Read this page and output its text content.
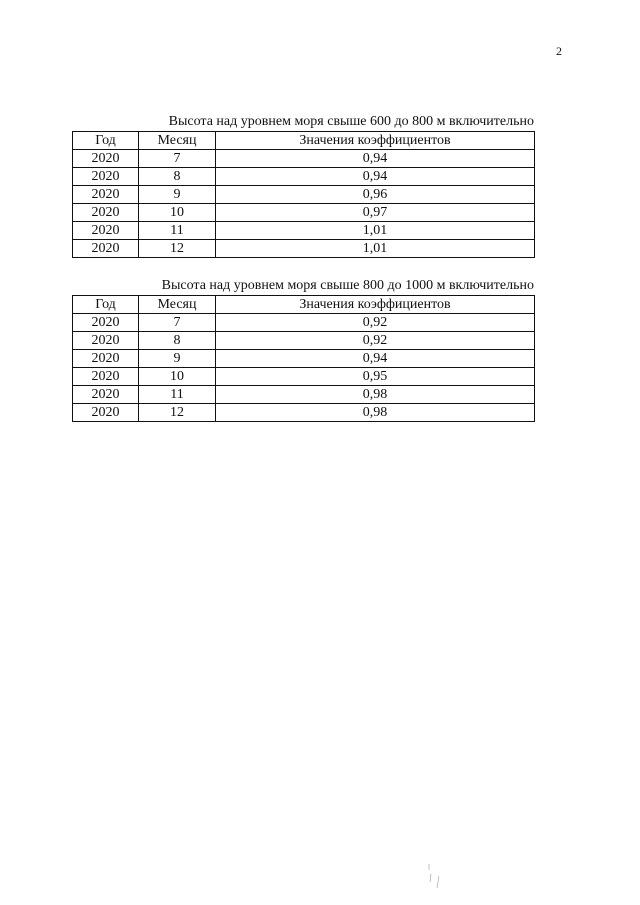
2
Высота над уровнем моря свыше 600 до 800 м включительно
Год	Месяц	Значения коэффициентов
2020	7	0,94
2020	8	0,94
2020	9	0,96
2020	10	0,97
2020	11	1,01
2020	12	1,01
Высота над уровнем моря свыше 800 до 1000 м включительно
Год	Месяц	Значения коэффициентов
2020	7	0,92
2020	8	0,92
2020	9	0,94
2020	10	0,95
2020	11	0,98
2020	12	0,98
